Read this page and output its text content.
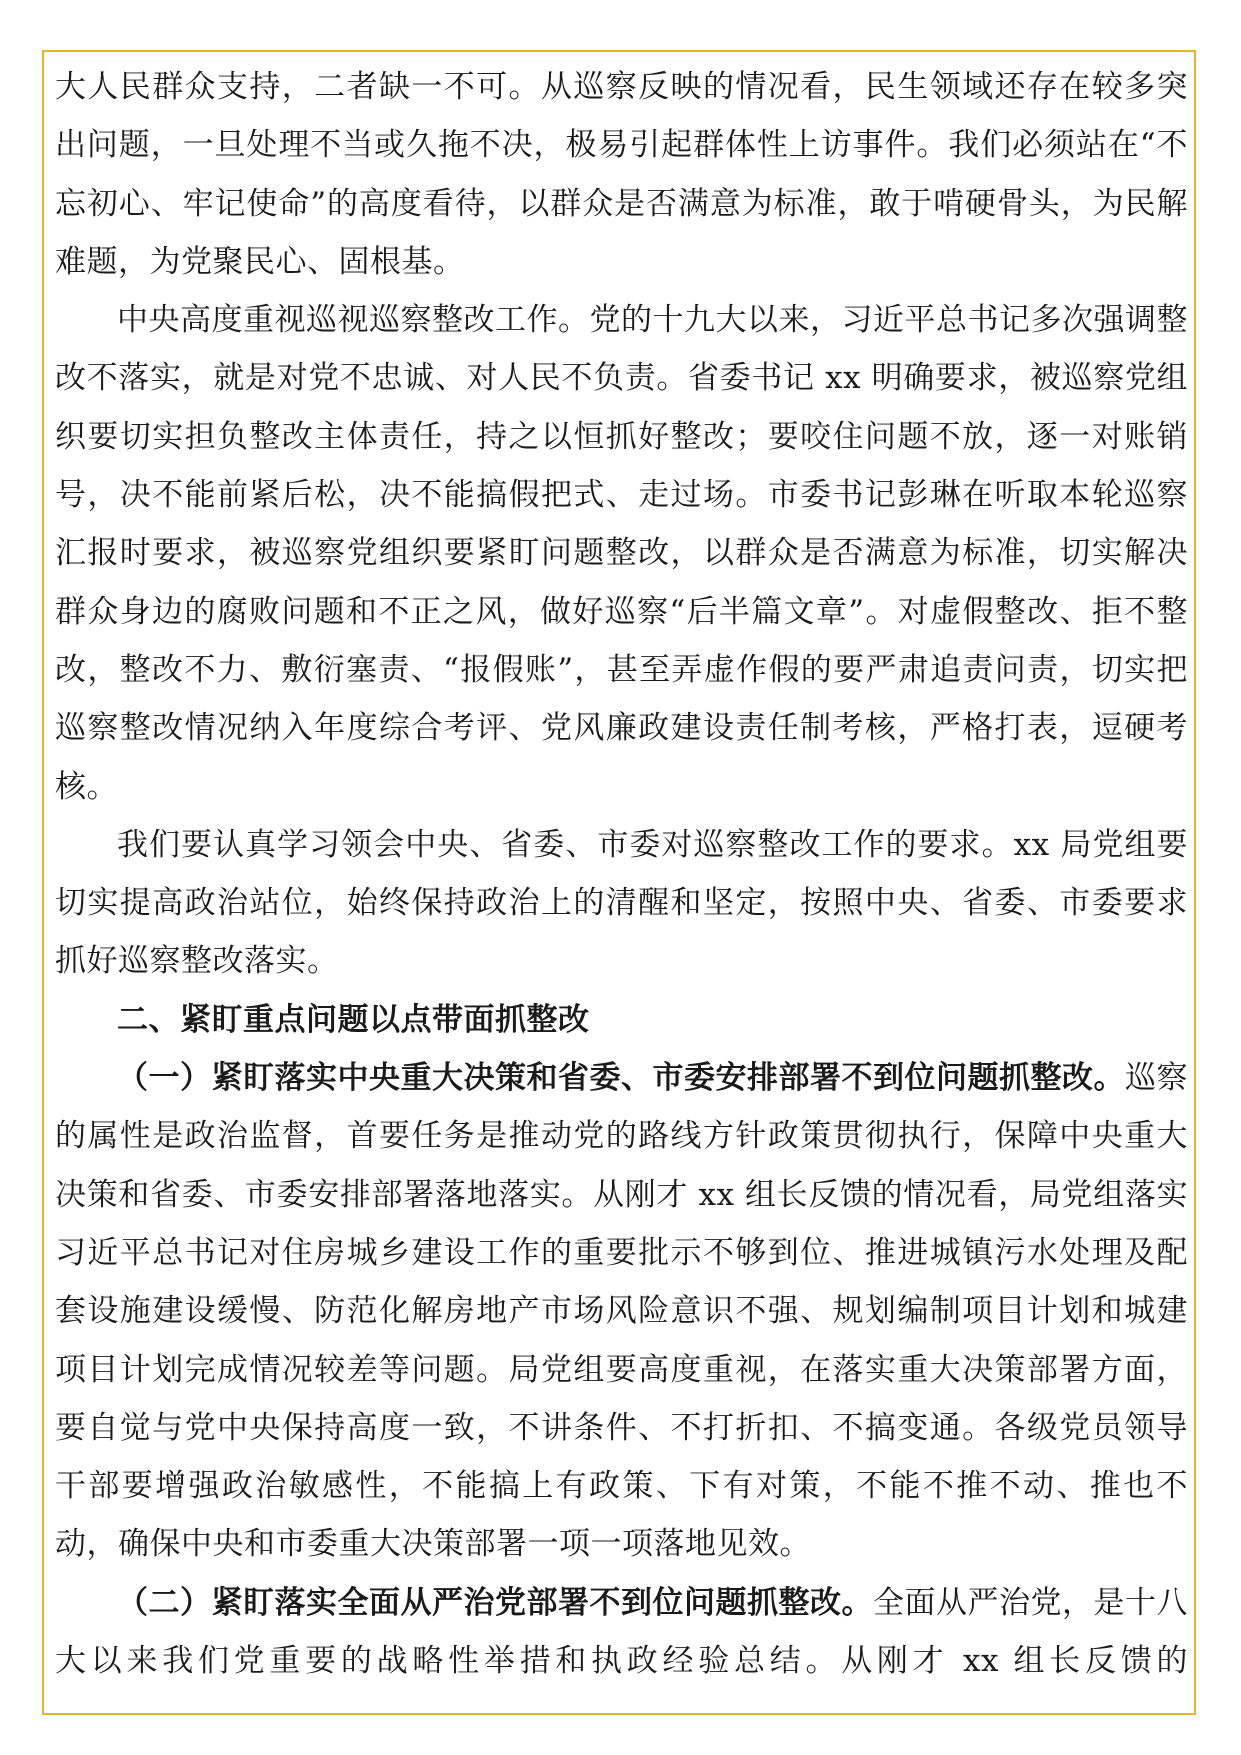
大人民群众支持，二者缺一不可。从巡察反映的情况看，民生领域还存在较多突出问题，一旦处理不当或久拖不决，极易引起群体性上访事件。我们必须站在“不忘初心、牢记使命”的高度看待，以群众是否满意为标准，敢于啃硬骨头，为民解难题，为党聚民心、固根基。

中央高度重视巡视巡察整改工作。党的十九大以来，习近平总书记多次强调整改不落实，就是对党不忠诚、对人民不负责。省委书记 xx 明确要求，被巡察党组织要切实担负整改主体责任，持之以恒抓好整改；要咬住问题不放，逐一对账销号，决不能前紧后松，决不能搞假把式、走过场。市委书记彭琳在听取本轮巡察汇报时要求，被巡察党组织要紧盯问题整改，以群众是否满意为标准，切实解决群众身边的腐败问题和不正之风，做好巡察“后半篇文章”。对虚假整改、拒不整改，整改不力、敷衍塞责、“报假账”，甚至弄虚作假的要严肃追责问责，切实把巡察整改情况纳入年度综合考评、党风廉政建设责任制考核，严格打表，逗硬考核。

我们要认真学习领会中央、省委、市委对巡察整改工作的要求。xx 局党组要切实提高政治站位，始终保持政治上的清醒和坚定，按照中央、省委、市委要求抓好巡察整改落实。

二、紧盯重点问题以点带面抓整改

（一）紧盯落实中央重大决策和省委、市委安排部署不到位问题抓整改。巡察的属性是政治监督，首要任务是推动党的路线方针政策贯彻执行，保障中央重大决策和省委、市委安排部署落地落实。从刚才 xx 组长反馈的情况看，局党组落实习近平总书记对住房城乡建设工作的重要批示不够到位、推进城镇污水处理及配套设施建设缓慢、防范化解房地产市场风险意识不强、规划编制项目计划和城建项目计划完成情况较差等问题。局党组要高度重视，在落实重大决策部署方面，要自觉与党中央保持高度一致，不讲条件、不打折扣、不搞变通。各级党员领导干部要增强政治敏感性，不能搞上有政策、下有对策，不能不推不动、推也不动，确保中央和市委重大决策部署一项一项落地见效。

（二）紧盯落实全面从严治党部署不到位问题抓整改。全面从严治党，是十八大以来我们党重要的战略性举措和执政经验总结。从刚才 xx 组长反馈的
